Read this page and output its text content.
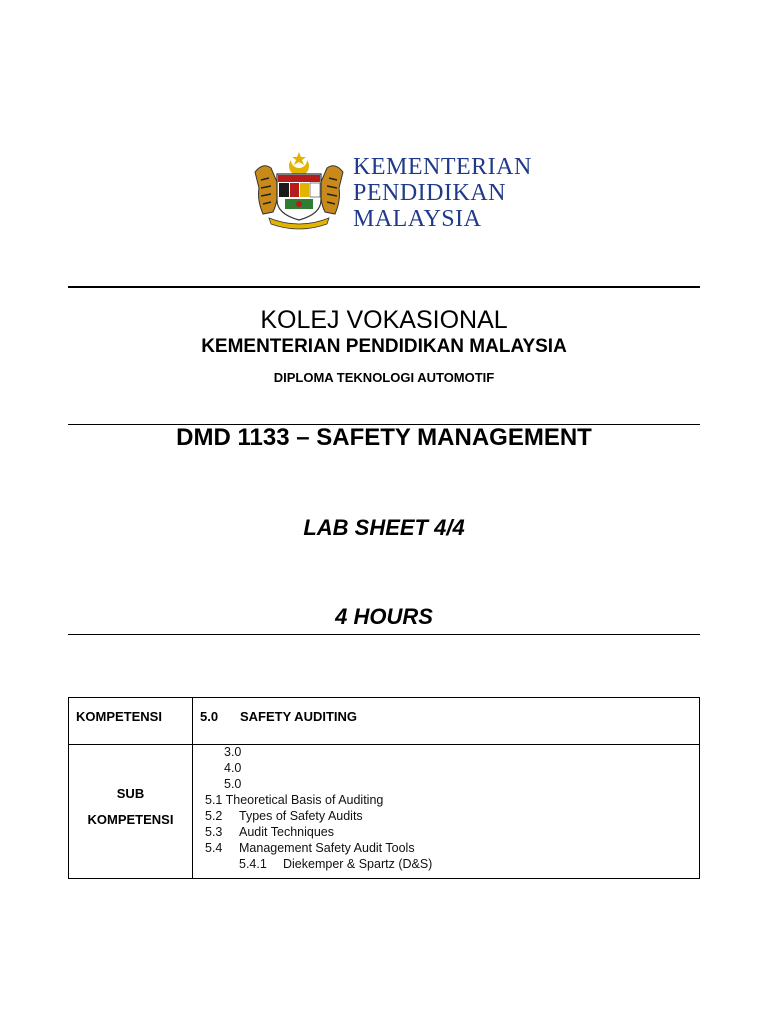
KEMENTERIAN
PENDIDIKAN
MALAYSIA
KOLEJ VOKASIONAL
KEMENTERIAN PENDIDIKAN MALAYSIA
DIPLOMA TEKNOLOGI AUTOMOTIF
DMD 1133 – SAFETY MANAGEMENT
LAB SHEET 4/4
4 HOURS
KOMPETENSI	5.0 SAFETY AUDITING
SUB
KOMPETENSI
3.0
4.0
5.0
5.1 Theoretical Basis of Auditing
5.2 Types of Safety Audits
5.3 Audit Techniques
5.4 Management Safety Audit Tools
5.4.1 Diekemper & Spartz (D&S)
